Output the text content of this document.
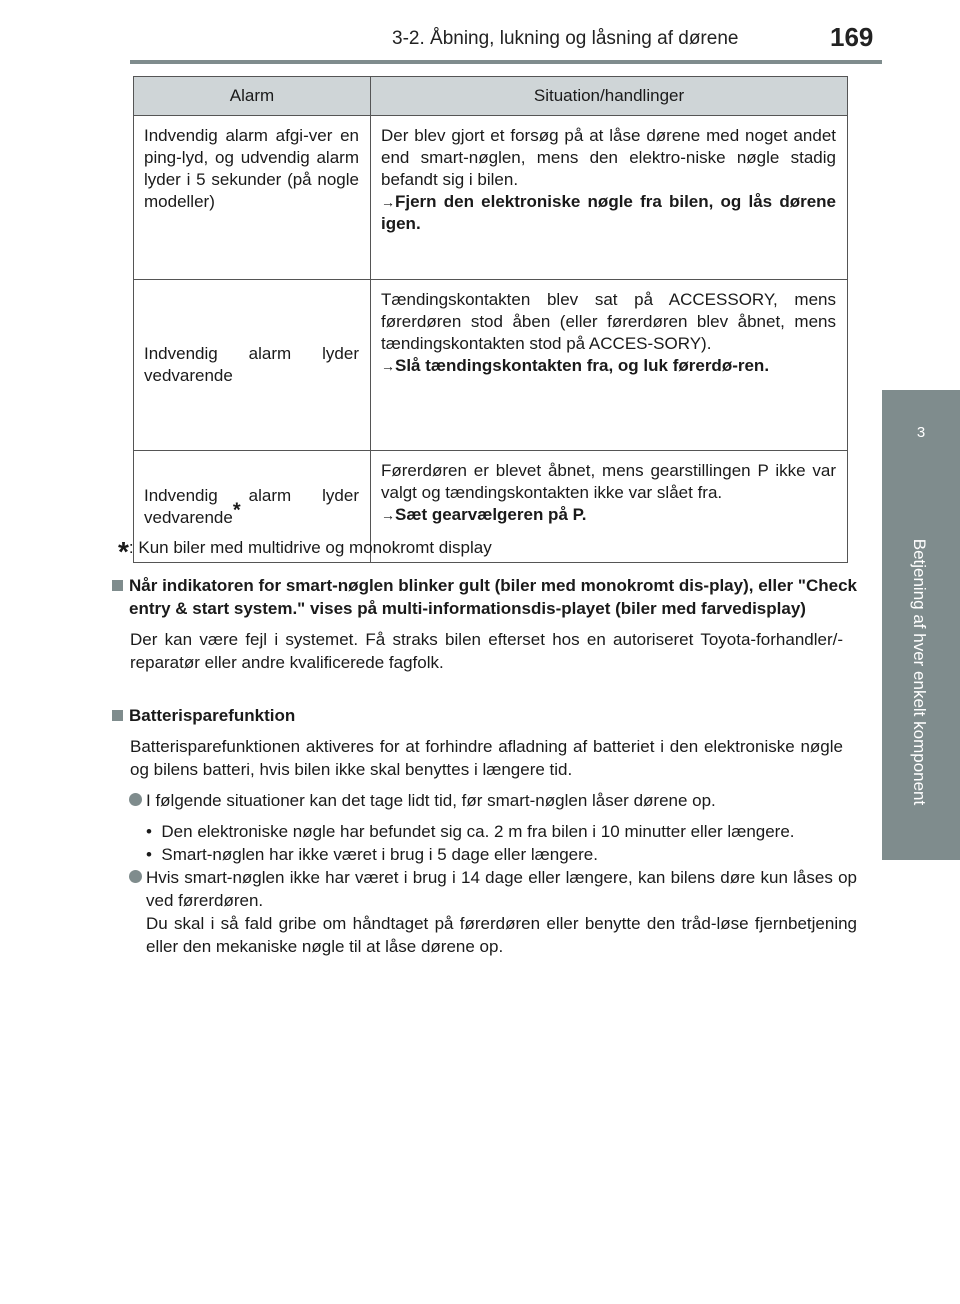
3-2. Åbning, lukning og låsning af dørene	169
3
Betjening af hver enkelt komponent
Alarm	Situation/handlinger
Indvendig alarm afgi-ver en ping-lyd, og udvendig alarm lyder i 5 sekunder (på nogle modeller)	Der blev gjort et forsøg på at låse dørene med noget andet end smart-nøglen, mens den elektro-niske nøgle stadig befandt sig i bilen.
→Fjern den elektroniske nøgle fra bilen, og lås dørene igen.

Indvendig alarm lyder vedvarende	Tændingskontakten blev sat på ACCESSORY, mens førerdøren stod åben (eller førerdøren blev åbnet, mens tændingskontakten stod på ACCES-SORY).
→Slå tændingskontakten fra, og luk førerdø-ren.

Indvendig alarm lyder vedvarende*	Førerdøren er blevet åbnet, mens gearstillingen P ikke var valgt og tændingskontakten ikke var slået fra.
→Sæt gearvælgeren på P.
*: Kun biler med multidrive og monokromt display
Når indikatoren for smart-nøglen blinker gult (biler med monokromt dis-play), eller "Check entry & start system." vises på multi-informationsdis-playet (biler med farvedisplay)
Der kan være fejl i systemet. Få straks bilen efterset hos en autoriseret Toyota-forhandler/-reparatør eller andre kvalificerede fagfolk.
Batterisparefunktion
Batterisparefunktionen aktiveres for at forhindre afladning af batteriet i den elektroniske nøgle og bilens batteri, hvis bilen ikke skal benyttes i længere tid.
I følgende situationer kan det tage lidt tid, før smart-nøglen låser dørene op.
• Den elektroniske nøgle har befundet sig ca. 2 m fra bilen i 10 minutter eller længere.
• Smart-nøglen har ikke været i brug i 5 dage eller længere.
Hvis smart-nøglen ikke har været i brug i 14 dage eller længere, kan bilens døre kun låses op ved førerdøren.
Du skal i så fald gribe om håndtaget på førerdøren eller benytte den tråd-løse fjernbetjening eller den mekaniske nøgle til at låse dørene op.
